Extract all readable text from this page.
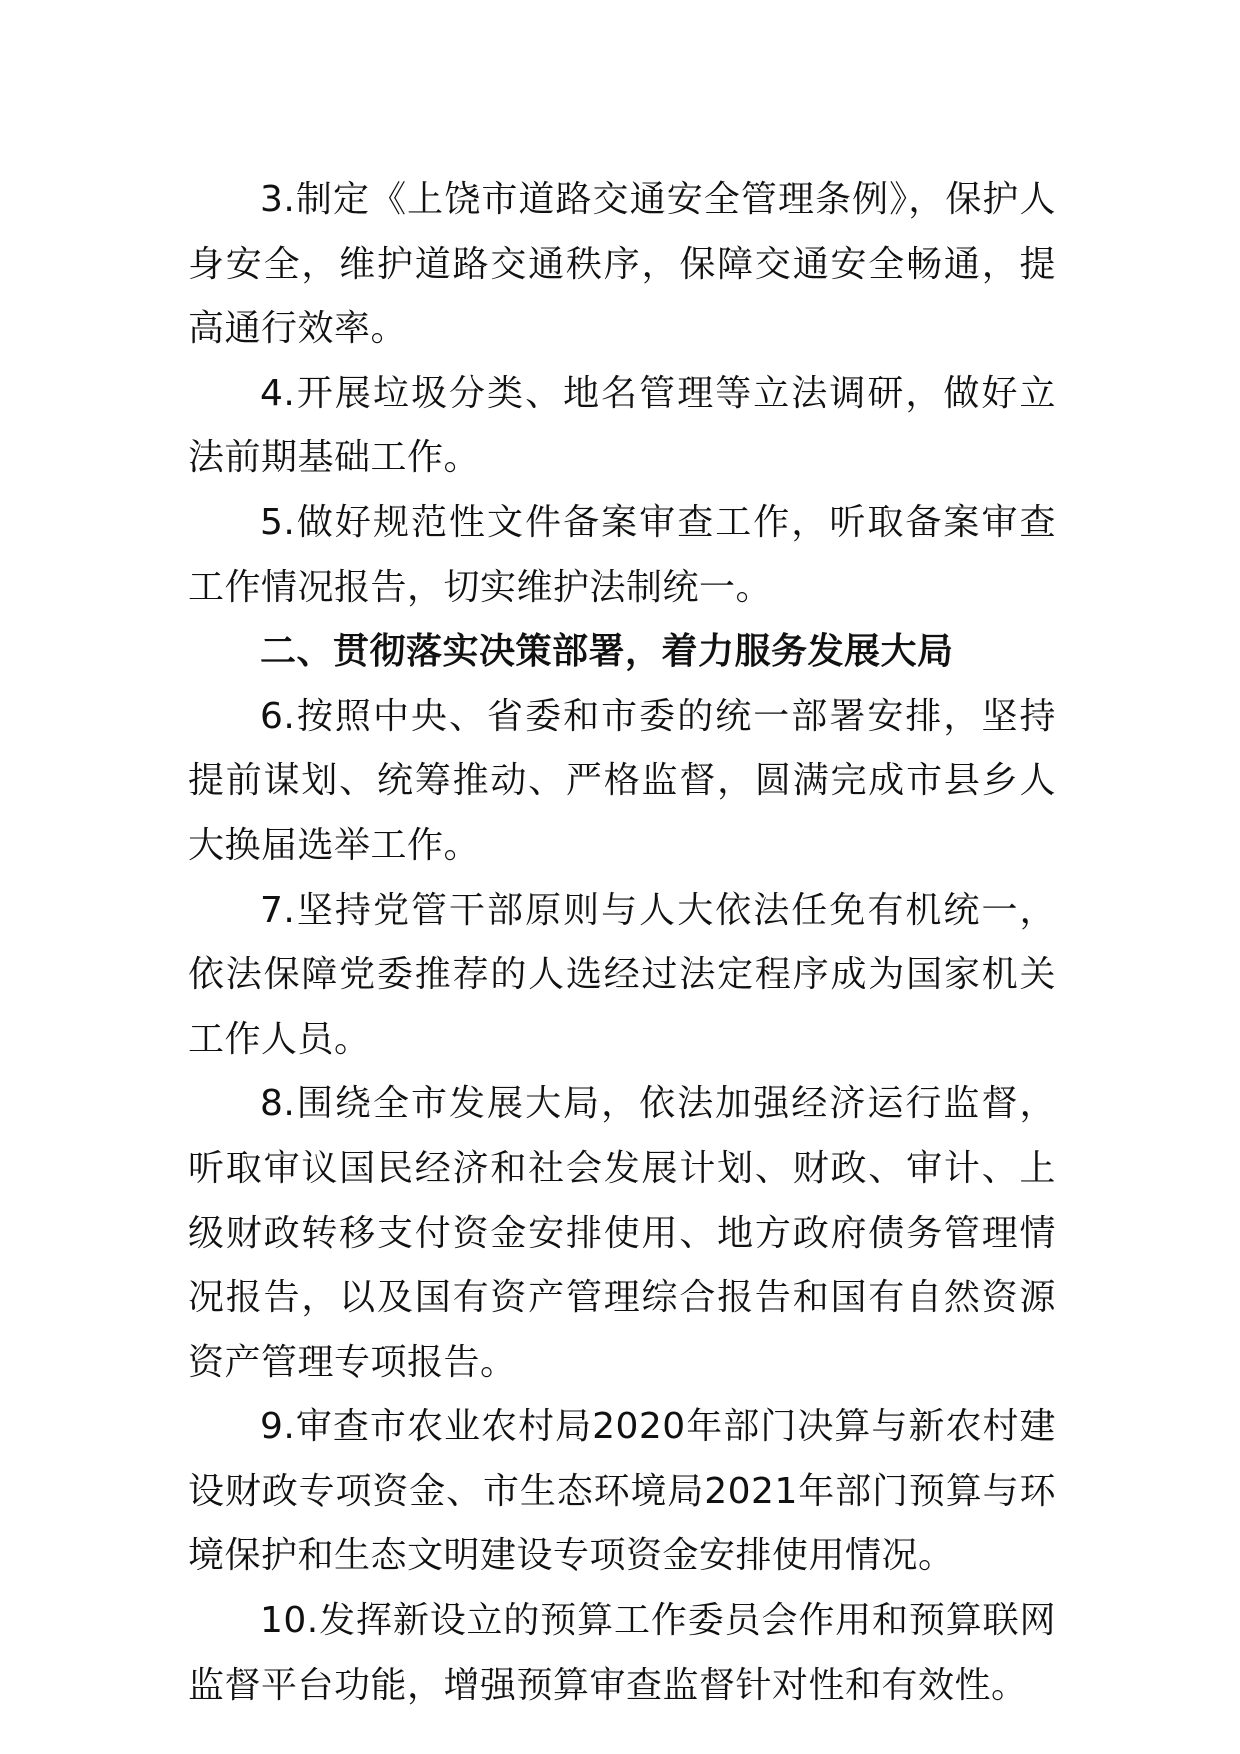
3.制定《上饶市道路交通安全管理条例》，保护人身安全，维护道路交通秩序，保障交通安全畅通，提高通行效率。

4.开展垃圾分类、地名管理等立法调研，做好立法前期基础工作。

5.做好规范性文件备案审查工作，听取备案审查工作情况报告，切实维护法制统一。

二、贯彻落实决策部署，着力服务发展大局

6.按照中央、省委和市委的统一部署安排，坚持提前谋划、统筹推动、严格监督，圆满完成市县乡人大换届选举工作。

7.坚持党管干部原则与人大依法任免有机统一，依法保障党委推荐的人选经过法定程序成为国家机关工作人员。

8.围绕全市发展大局，依法加强经济运行监督，听取审议国民经济和社会发展计划、财政、审计、上级财政转移支付资金安排使用、地方政府债务管理情况报告，以及国有资产管理综合报告和国有自然资源资产管理专项报告。

9.审查市农业农村局2020年部门决算与新农村建设财政专项资金、市生态环境局2021年部门预算与环境保护和生态文明建设专项资金安排使用情况。

10.发挥新设立的预算工作委员会作用和预算联网监督平台功能，增强预算审查监督针对性和有效性。
